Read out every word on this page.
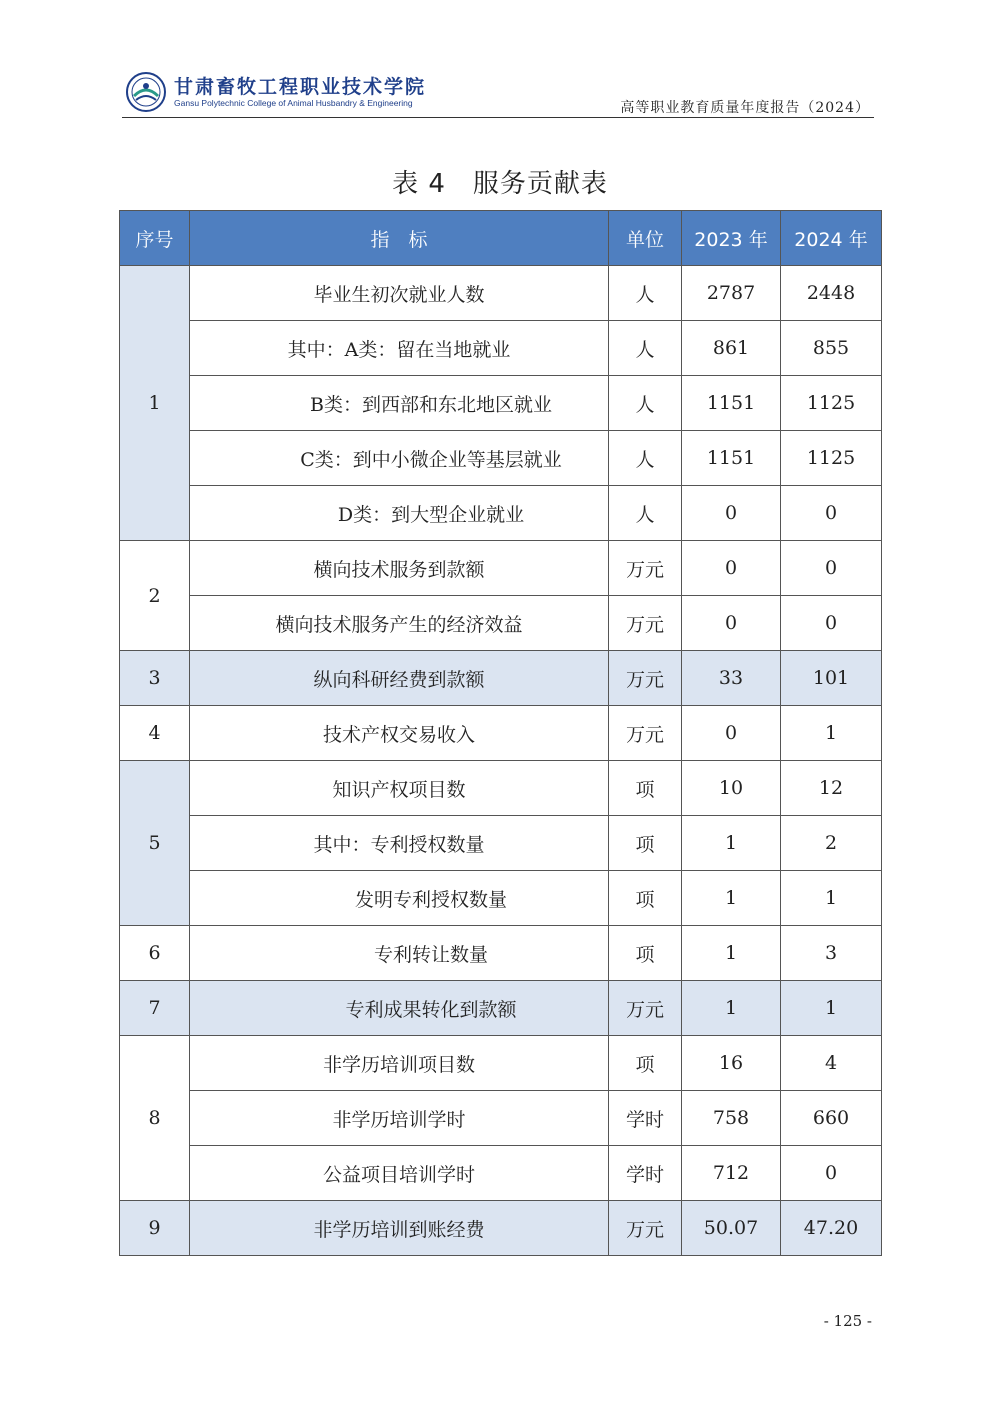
甘肃畜牧工程职业技术学院
Gansu Polytechnic College of Animal Husbandry & Engineering	高等职业教育质量年度报告（2024）
表 4　服务贡献表
序号	指　标	单位	2023 年	2024 年
1	毕业生初次就业人数	人	2787	2448
	其中：A类：留在当地就业	人	861	855
	B类：到西部和东北地区就业	人	1151	1125
	C类：到中小微企业等基层就业	人	1151	1125
	D类：到大型企业就业	人	0	0
2	横向技术服务到款额	万元	0	0
	横向技术服务产生的经济效益	万元	0	0
3	纵向科研经费到款额	万元	33	101
4	技术产权交易收入	万元	0	1
5	知识产权项目数	项	10	12
	其中：专利授权数量	项	1	2
	发明专利授权数量	项	1	1
6	专利转让数量	项	1	3
7	专利成果转化到款额	万元	1	1
8	非学历培训项目数	项	16	4
	非学历培训学时	学时	758	660
	公益项目培训学时	学时	712	0
9	非学历培训到账经费	万元	50.07	47.20
- 125 -
